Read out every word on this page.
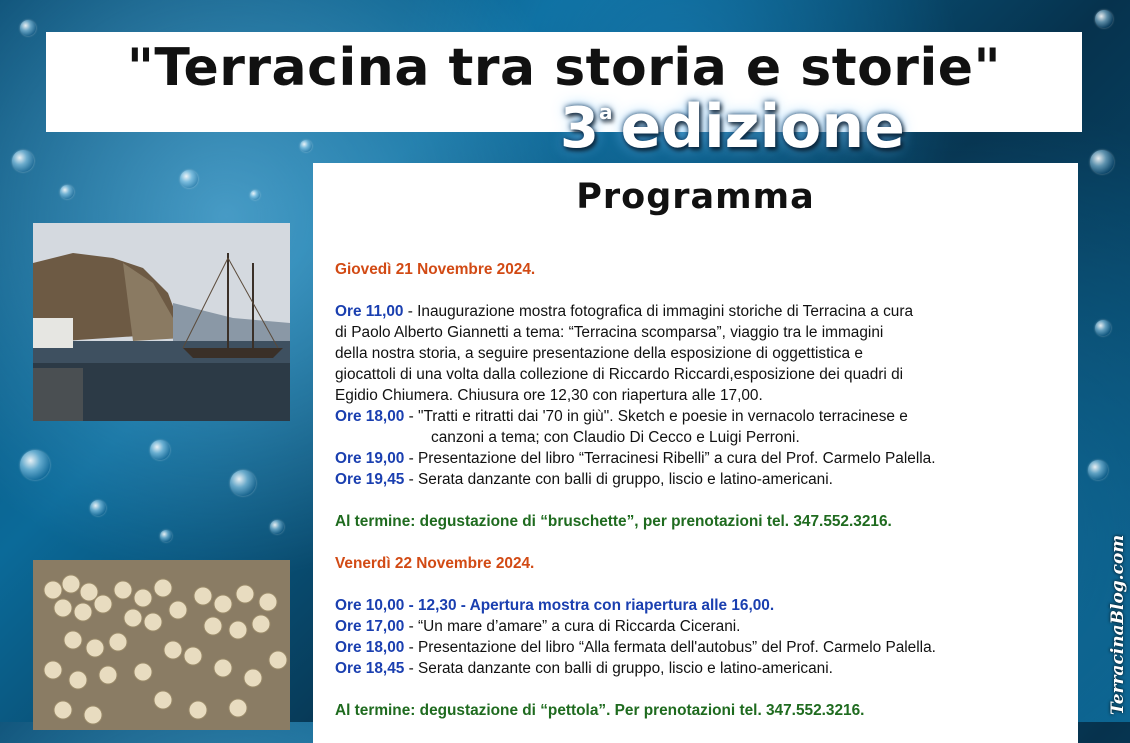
"Terracina tra storia e storie"
3a edizione
Programma
Giovedì 21 Novembre 2024.
Ore 11,00 - Inaugurazione mostra fotografica di immagini storiche di Terracina a cura
di Paolo Alberto Giannetti a tema: “Terracina scomparsa”, viaggio tra le immagini
della nostra storia, a seguire presentazione della esposizione di oggettistica e
giocattoli di una volta dalla collezione di Riccardo Riccardi,esposizione dei quadri di
Egidio Chiumera. Chiusura ore 12,30 con riapertura alle 17,00.
Ore 18,00 - "Tratti e ritratti dai '70 in giù". Sketch e poesie in vernacolo terracinese e
canzoni a tema; con Claudio Di Cecco e Luigi Perroni.
Ore 19,00 - Presentazione del libro “Terracinesi Ribelli” a cura del Prof. Carmelo Palella.
Ore 19,45 - Serata danzante con balli di gruppo, liscio e latino-americani.
Al termine: degustazione di “bruschette”, per prenotazioni tel. 347.552.3216.
Venerdì 22 Novembre 2024.
Ore 10,00 - 12,30 - Apertura mostra con riapertura alle 16,00.
Ore 17,00 - “Un mare d’amare” a cura di Riccarda Cicerani.
Ore 18,00 - Presentazione del libro “Alla fermata dell'autobus” del Prof. Carmelo Palella.
Ore 18,45 - Serata danzante con balli di gruppo, liscio e latino-americani.
Al termine: degustazione di “pettola”. Per prenotazioni tel. 347.552.3216.	TerracinaBlog.com
